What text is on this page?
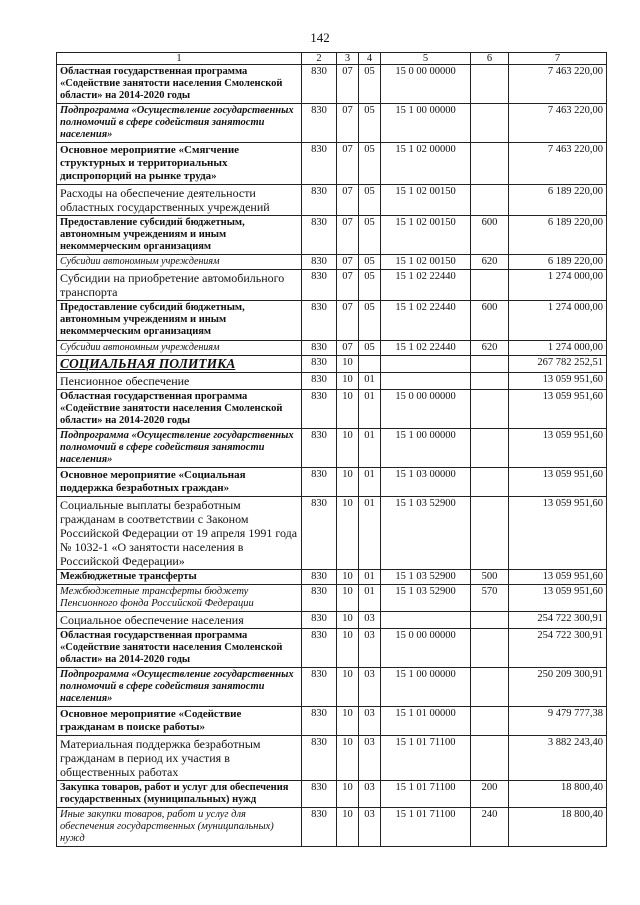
142
1	2	3	4	5	6	7
Областная государственная программа «Содействие занятости населения Смоленской области» на 2014-2020 годы	830	07	05	15 0 00 00000		7 463 220,00
Подпрограмма «Осуществление государственных полномочий в сфере содействия занятости населения»	830	07	05	15 1 00 00000		7 463 220,00
Основное мероприятие «Смягчение структурных и территориальных диспропорций на рынке труда»	830	07	05	15 1 02 00000		7 463 220,00
Расходы на обеспечение деятельности областных государственных учреждений	830	07	05	15 1 02 00150		6 189 220,00
Предоставление субсидий бюджетным, автономным учреждениям и иным некоммерческим организациям	830	07	05	15 1 02 00150	600	6 189 220,00
Субсидии автономным учреждениям	830	07	05	15 1 02 00150	620	6 189 220,00
Субсидии на приобретение автомобильного транспорта	830	07	05	15 1 02 22440		1 274 000,00
Предоставление субсидий бюджетным, автономным учреждениям и иным некоммерческим организациям	830	07	05	15 1 02 22440	600	1 274 000,00
Субсидии автономным учреждениям	830	07	05	15 1 02 22440	620	1 274 000,00
СОЦИАЛЬНАЯ ПОЛИТИКА	830	10				267 782 252,51
Пенсионное обеспечение	830	10	01			13 059 951,60
Областная государственная программа «Содействие занятости населения Смоленской области» на 2014-2020 годы	830	10	01	15 0 00 00000		13 059 951,60
Подпрограмма «Осуществление государственных полномочий в сфере содействия занятости населения»	830	10	01	15 1 00 00000		13 059 951,60
Основное мероприятие «Социальная поддержка безработных граждан»	830	10	01	15 1 03 00000		13 059 951,60
Социальные выплаты безработным гражданам в соответствии с Законом Российской Федерации от 19 апреля 1991 года № 1032-1 «О занятости населения в Российской Федерации»	830	10	01	15 1 03 52900		13 059 951,60
Межбюджетные трансферты	830	10	01	15 1 03 52900	500	13 059 951,60
Межбюджетные трансферты бюджету Пенсионного фонда Российской Федерации	830	10	01	15 1 03 52900	570	13 059 951,60
Социальное обеспечение населения	830	10	03			254 722 300,91
Областная государственная программа «Содействие занятости населения Смоленской области» на 2014-2020 годы	830	10	03	15 0 00 00000		254 722 300,91
Подпрограмма «Осуществление государственных полномочий в сфере содействия занятости населения»	830	10	03	15 1 00 00000		250 209 300,91
Основное мероприятие «Содействие гражданам в поиске работы»	830	10	03	15 1 01 00000		9 479 777,38
Материальная поддержка безработным гражданам в период их участия в общественных работах	830	10	03	15 1 01 71100		3 882 243,40
Закупка товаров, работ и услуг для обеспечения государственных (муниципальных) нужд	830	10	03	15 1 01 71100	200	18 800,40
Иные закупки товаров, работ и услуг для обеспечения государственных (муниципальных) нужд	830	10	03	15 1 01 71100	240	18 800,40
